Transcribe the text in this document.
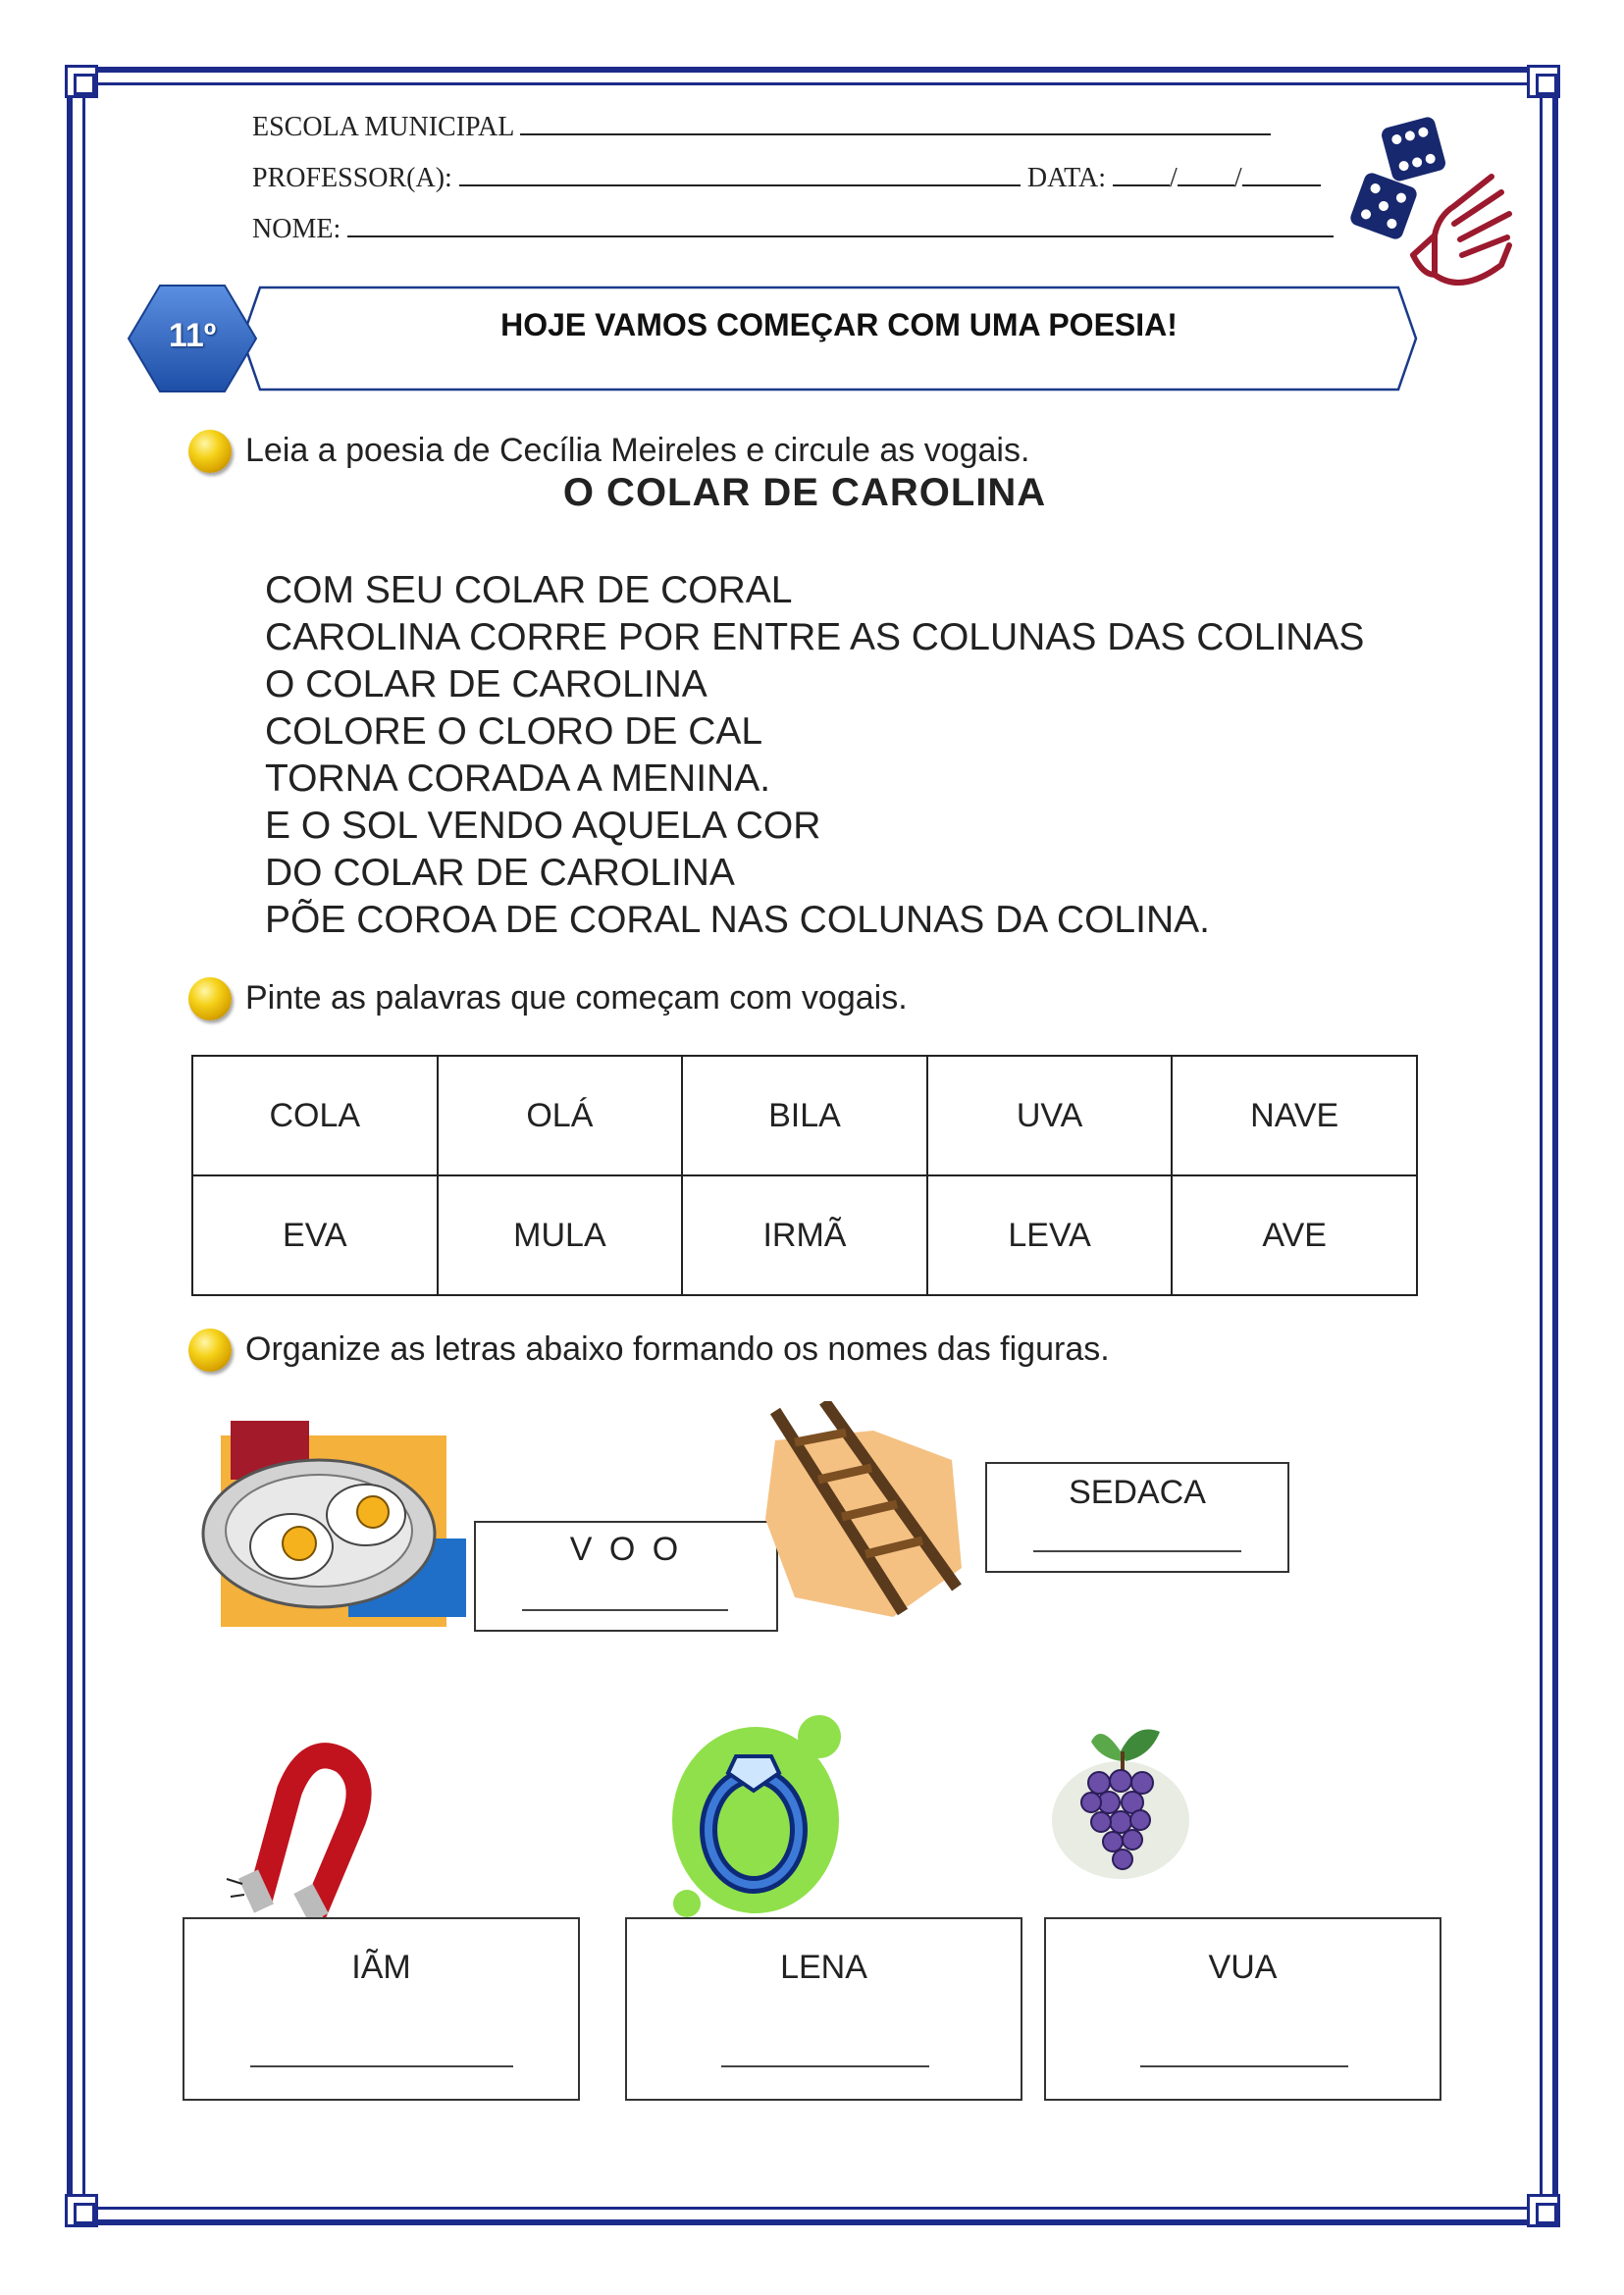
ESCOLA MUNICIPAL
PROFESSOR(A):	DATA: / /
NOME:
11º	HOJE VAMOS COMEÇAR COM UMA POESIA!
Leia a poesia de Cecília Meireles e circule as vogais.
O COLAR DE CAROLINA
COM SEU COLAR DE CORAL
CAROLINA CORRE POR ENTRE AS COLUNAS DAS COLINAS
O COLAR DE CAROLINA
COLORE O CLORO DE CAL
TORNA CORADA A MENINA.
E O SOL VENDO AQUELA COR
DO COLAR DE CAROLINA
PÕE COROA DE CORAL NAS COLUNAS DA COLINA.
Pinte as palavras que começam com vogais.
COLA	OLÁ	BILA	UVA	NAVE
EVA	MULA	IRMÃ	LEVA	AVE
Organize as letras abaixo formando os nomes das figuras.
V O O
SEDACA
IÃM	LENA	VUA
